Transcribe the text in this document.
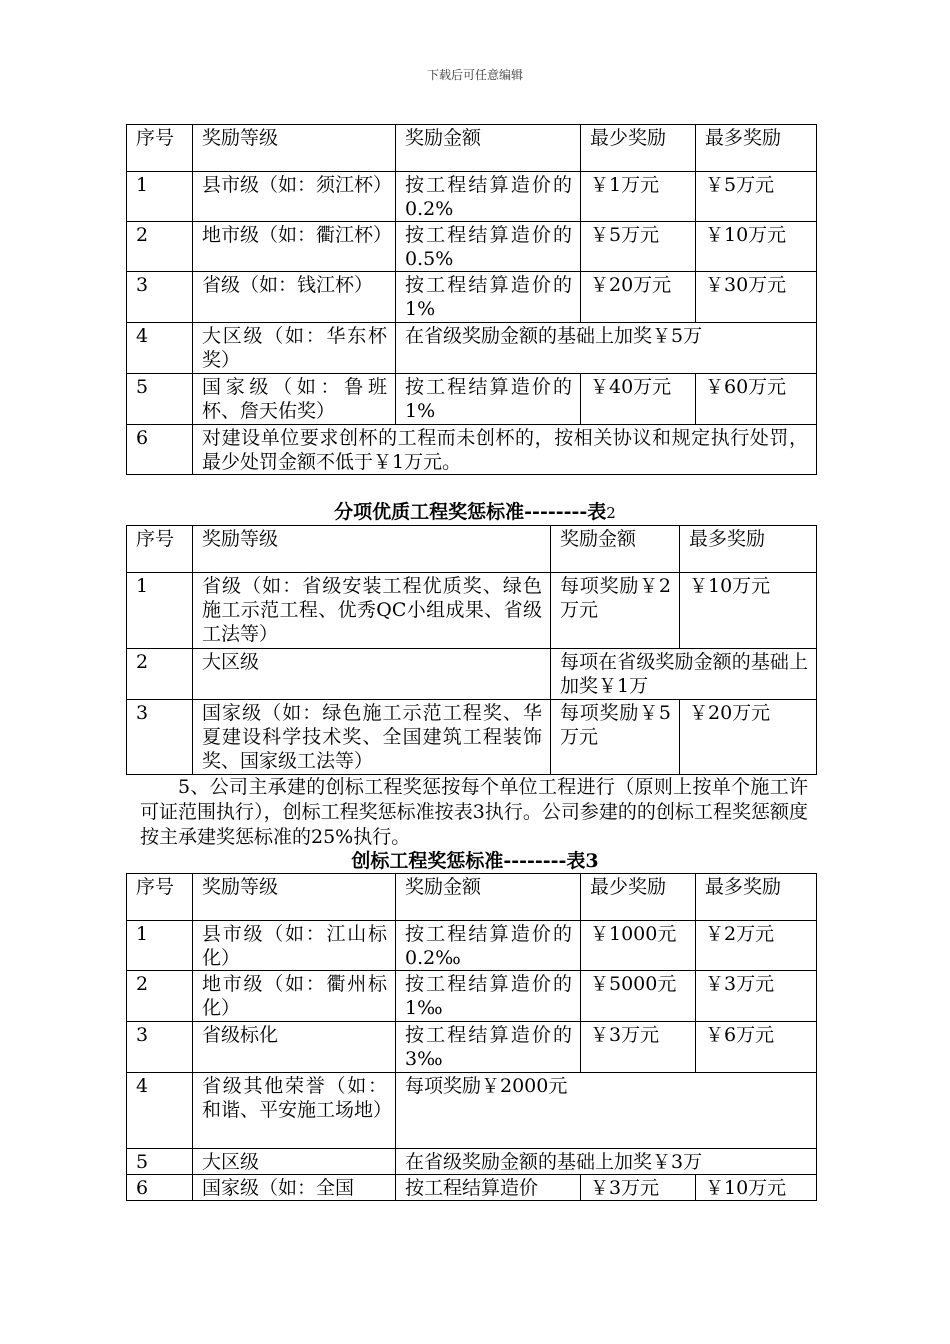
下载后可任意编辑
序号	奖励等级	奖励金额	最少奖励	最多奖励
1	县市级（如：须江杯）	按工程结算造价的0.2%	￥1万元	￥5万元
2	地市级（如：衢江杯）	按工程结算造价的0.5%	￥5万元	￥10万元
3	省级（如：钱江杯）	按工程结算造价的1%	￥20万元	￥30万元
4	大区级（如：华东杯奖）	在省级奖励金额的基础上加奖￥5万		
5	国家级（如：鲁班杯、詹天佑奖）	按工程结算造价的1%	￥40万元	￥60万元
6	对建设单位要求创杯的工程而未创杯的，按相关协议和规定执行处罚，最少处罚金额不低于￥1万元。			
分项优质工程奖惩标准--------表2
序号	奖励等级	奖励金额	最多奖励
1	省级（如：省级安装工程优质奖、绿色施工示范工程、优秀QC小组成果、省级工法等）	每项奖励￥2万元	￥10万元
2	大区级	每项在省级奖励金额的基础上加奖￥1万	
3	国家级（如：绿色施工示范工程奖、华夏建设科学技术奖、全国建筑工程装饰奖、国家级工法等）	每项奖励￥5万元	￥20万元
5、公司主承建的创标工程奖惩按每个单位工程进行（原则上按单个施工许可证范围执行），创标工程奖惩标准按表3执行。公司参建的的创标工程奖惩额度按主承建奖惩标准的25%执行。
创标工程奖惩标准--------表3
序号	奖励等级	奖励金额	最少奖励	最多奖励
1	县市级（如：江山标化）	按工程结算造价的0.2‰	￥1000元	￥2万元
2	地市级（如：衢州标化）	按工程结算造价的1‰	￥5000元	￥3万元
3	省级标化	按工程结算造价的3‰	￥3万元	￥6万元
4	省级其他荣誉（如：和谐、平安施工场地）	每项奖励￥2000元		
5	大区级	在省级奖励金额的基础上加奖￥3万		
6	国家级（如：全国	按工程结算造价	￥3万元	￥10万元
